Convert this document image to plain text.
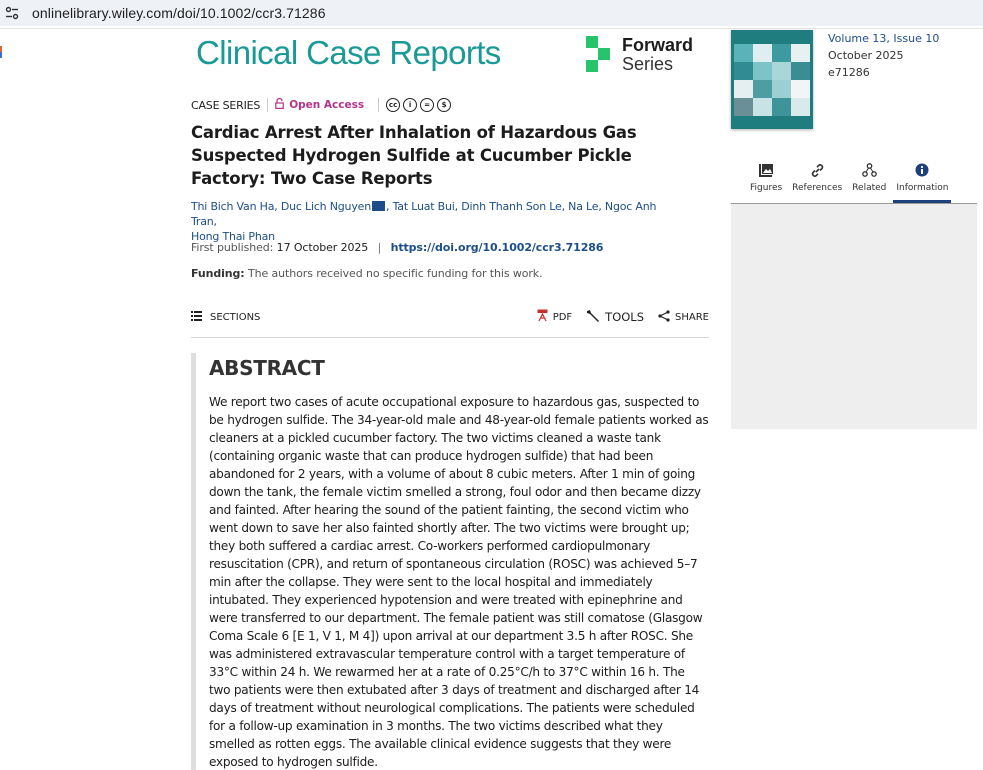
onlinelibrary.wiley.com/doi/10.1002/ccr3.71286
Clinical Case Reports	Forward
Series
Volume 13, Issue 10
October 2025
e71286
CASE SERIES	Open Access	cc	i	=	$
Cardiac Arrest After Inhalation of Hazardous Gas Suspected Hydrogen Sulfide at Cucumber Pickle Factory: Two Case Reports
Thi Bich Van Ha, Duc Lich Nguyen , Tat Luat Bui, Dinh Thanh Son Le, Na Le, Ngoc Anh Tran,
Hong Thai Phan
First published: 17 October 2025 | https://doi.org/10.1002/ccr3.71286
Funding: The authors received no specific funding for this work.
SECTIONS	PDF	TOOLS	SHARE
ABSTRACT

We report two cases of acute occupational exposure to hazardous gas, suspected to be hydrogen sulfide. The 34-year-old male and 48-year-old female patients worked as cleaners at a pickled cucumber factory. The two victims cleaned a waste tank (containing organic waste that can produce hydrogen sulfide) that had been abandoned for 2 years, with a volume of about 8 cubic meters. After 1 min of going down the tank, the female victim smelled a strong, foul odor and then became dizzy and fainted. After hearing the sound of the patient fainting, the second victim who went down to save her also fainted shortly after. The two victims were brought up; they both suffered a cardiac arrest. Co-workers performed cardiopulmonary resuscitation (CPR), and return of spontaneous circulation (ROSC) was achieved 5–7 min after the collapse. They were sent to the local hospital and immediately intubated. They experienced hypotension and were treated with epinephrine and were transferred to our department. The female patient was still comatose (Glasgow Coma Scale 6 [E 1, V 1, M 4]) upon arrival at our department 3.5 h after ROSC. She was administered extravascular temperature control with a target temperature of 33°C within 24 h. We rewarmed her at a rate of 0.25°C/h to 37°C within 16 h. The two patients were then extubated after 3 days of treatment and discharged after 14 days of treatment without neurological complications. The patients were scheduled for a follow-up examination in 3 months. The two victims described what they smelled as rotten eggs. The available clinical evidence suggests that they were exposed to hydrogen sulfide.

Figures References Related Information
